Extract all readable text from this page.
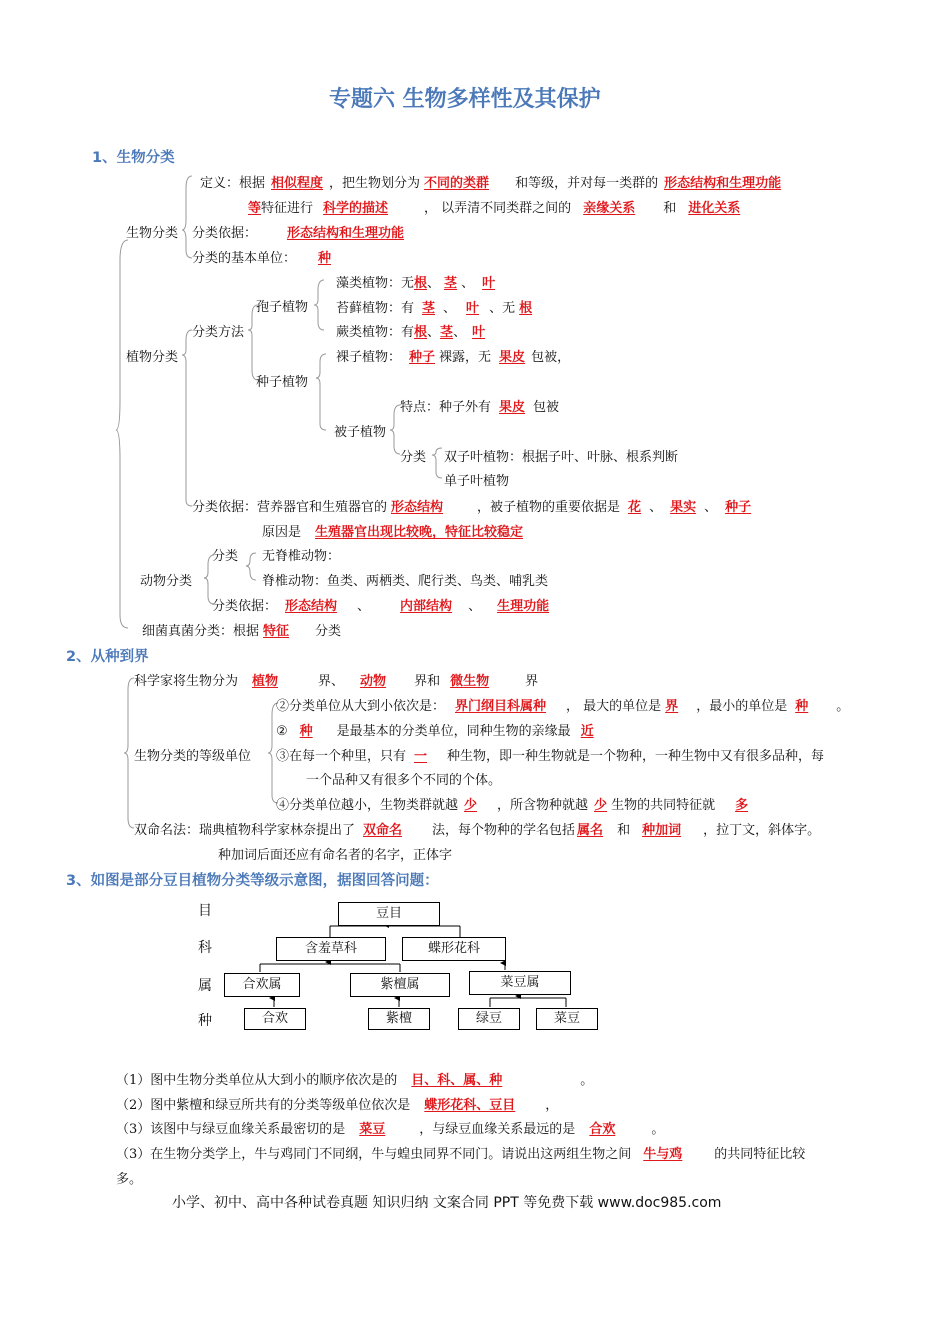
专题六 生物多样性及其保护
1、生物分类
生物分类
定义：根据 相似程度 ，把生物划分为 不同的类群 和等级，并对每一类群的 形态结构和生理功能
等特征进行 科学的描述	， 以弄清不同类群之间的 亲缘关系 和 进化关系
分类依据： 形态结构和生理功能
分类的基本单位： 种
植物分类
分类方法
孢子植物
藻类植物：无根、 茎 、 叶
苔藓植物：有 茎 、 叶 、无 根
蕨类植物：有根、茎、 叶
种子植物
裸子植物： 种子 裸露，无 果皮 包被，
被子植物
特点：种子外有 果皮 包被
分类 双子叶植物：根据子叶、叶脉、根系判断
单子叶植物
分类依据：营养器官和生殖器官的 形态结构	，被子植物的重要依据是 花 、 果实 、 种子
原因是 生殖器官出现比较晚，特征比较稳定
动物分类
分类 无脊椎动物：
脊椎动物：鱼类、两栖类、爬行类、鸟类、哺乳类
分类依据： 形态结构 、 内部结构 、 生理功能
细菌真菌分类：根据 特征 分类
2、从种到界
科学家将生物分为 植物	界、 动物 界和 微生物	界
生物分类的等级单位
②分类单位从大到小依次是： 界门纲目科属种 ， 最大的单位是 界 ，最小的单位是 种 。
② 种 是最基本的分类单位，同种生物的亲缘最 近
③在每一个种里，只有 一 种生物，即一种生物就是一个物种，一种生物中又有很多品种，每
一个品种又有很多个不同的个体。
④分类单位越小，生物类群就越 少 ，所含物种就越 少 生物的共同特征就 多
双命名法：瑞典植物科学家林奈提出了 双命名 法，每个物种的学名包括 属名 和 种加词 ，拉丁文，斜体字。
种加词后面还应有命名者的名字，正体字
3、如图是部分豆目植物分类等级示意图，据图回答问题：
目
科
属
种
豆目
含羞草科	蝶形花科
合欢属	紫檀属	菜豆属
合欢	紫檀	绿豆	菜豆
（1）图中生物分类单位从大到小的顺序依次是的 目、科、属、种	。
（2）图中紫檀和绿豆所共有的分类等级单位依次是 蝶形花科、豆目 ，
（3）该图中与绿豆血缘关系最密切的是 菜豆	，与绿豆血缘关系最远的是 合欢	。
（3）在生物分类学上，牛与鸡同门不同纲，牛与蝗虫同界不同门。请说出这两组生物之间 牛与鸡 的共同特征比较
多。
小学、初中、高中各种试卷真题 知识归纳 文案合同 PPT 等免费下载 www.doc985.com
